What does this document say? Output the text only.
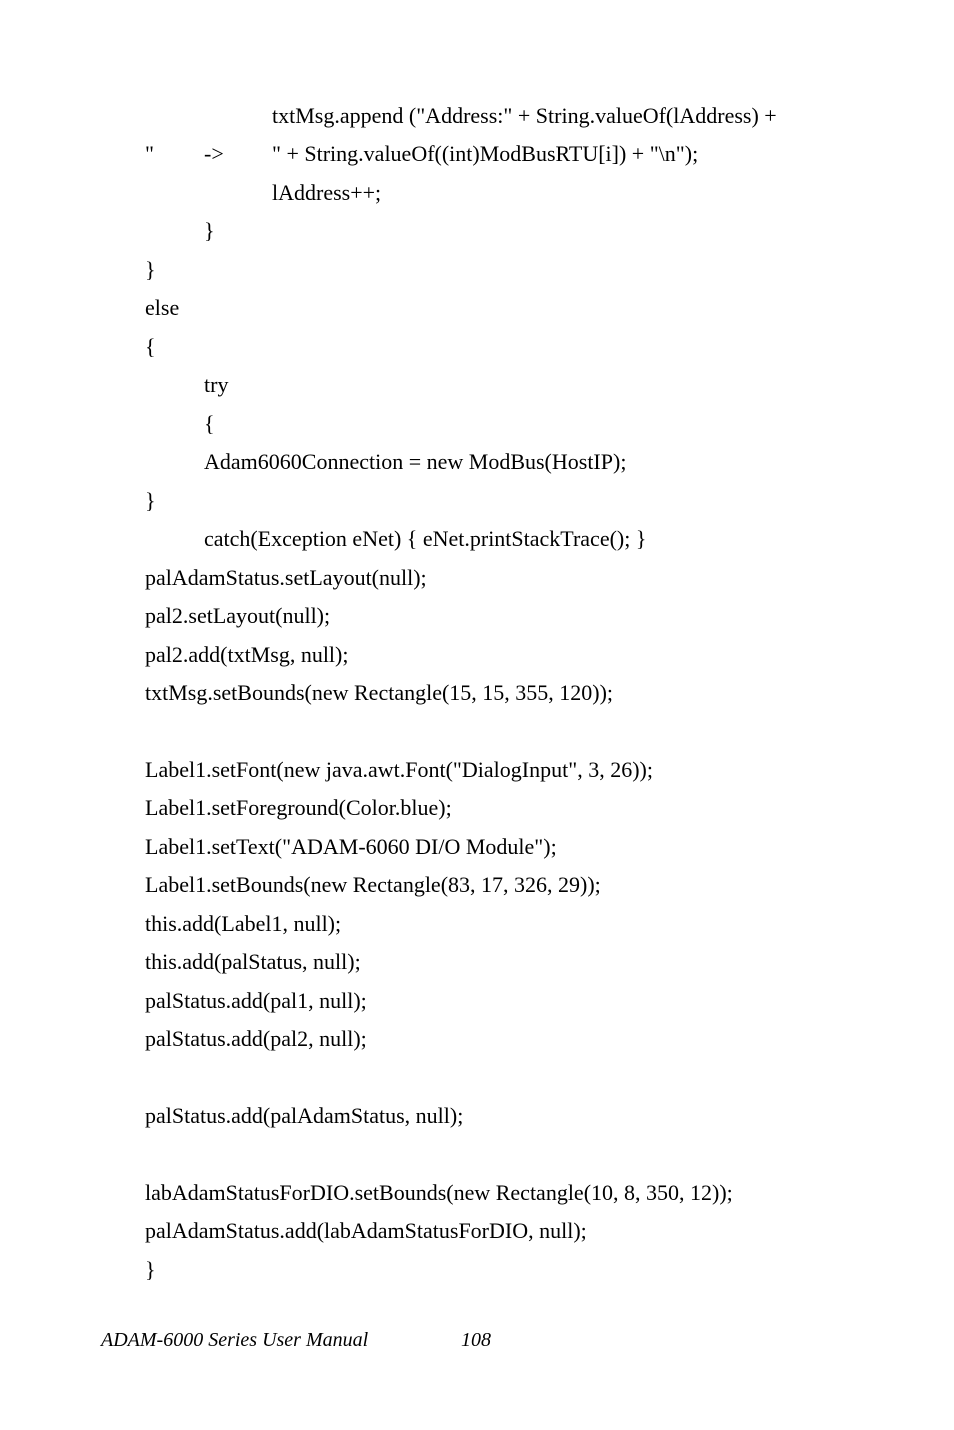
txtMsg.append ("Address:" + String.valueOf(lAddress) +
" -> " + String.valueOf((int)ModBusRTU[i]) + "\n");
lAddress++;
}
}
else
{
try
{
Adam6060Connection = new ModBus(HostIP);
}
catch(Exception eNet) { eNet.printStackTrace(); }
palAdamStatus.setLayout(null);
pal2.setLayout(null);
pal2.add(txtMsg, null);
txtMsg.setBounds(new Rectangle(15, 15, 355, 120));
Label1.setFont(new java.awt.Font("DialogInput", 3, 26));
Label1.setForeground(Color.blue);
Label1.setText("ADAM-6060 DI/O Module");
Label1.setBounds(new Rectangle(83, 17, 326, 29));
this.add(Label1, null);
this.add(palStatus, null);
palStatus.add(pal1, null);
palStatus.add(pal2, null);
palStatus.add(palAdamStatus, null);
labAdamStatusForDIO.setBounds(new Rectangle(10, 8, 350, 12));
palAdamStatus.add(labAdamStatusForDIO, null);
}
ADAM-6000 Series User Manual	108
